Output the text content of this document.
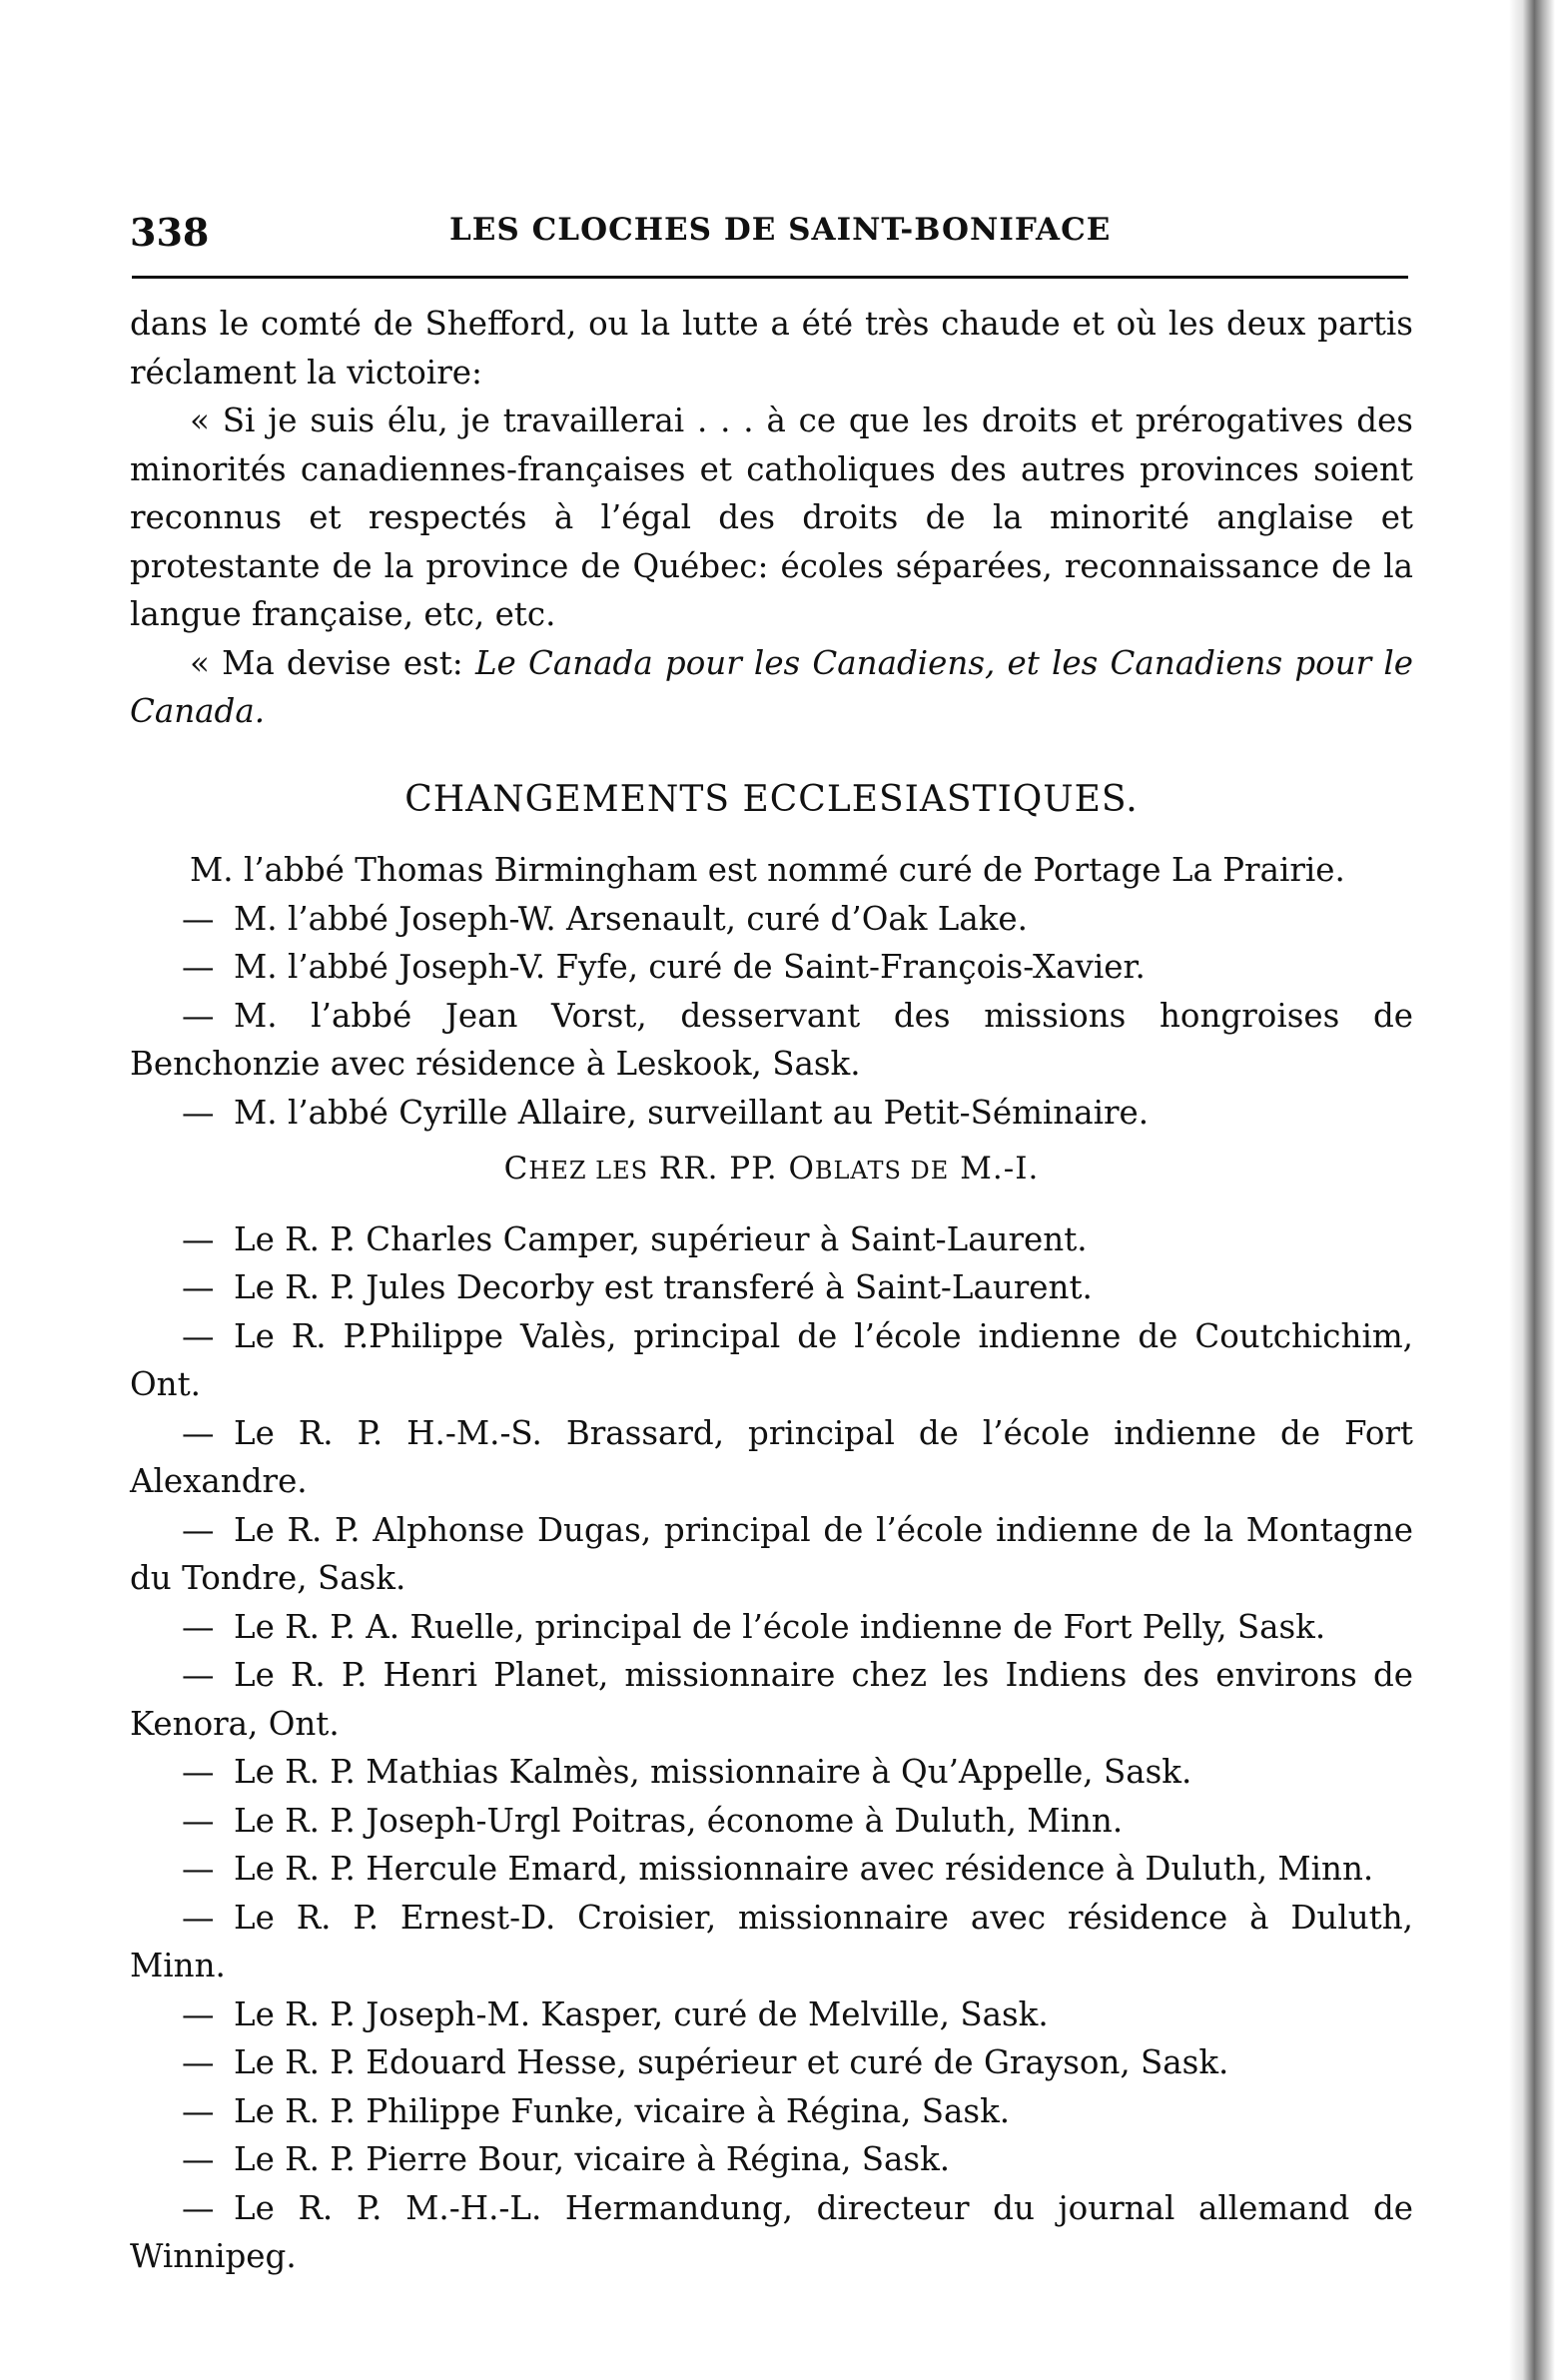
338	LES CLOCHES DE SAINT-BONIFACE

dans le comté de Shefford, ou la lutte a été très chaude et où les deux partis réclament la victoire:

« Si je suis élu, je travaillerai . . . à ce que les droits et prérogatives des minorités canadiennes-françaises et catholiques des autres provinces soient reconnus et respectés à l’égal des droits de la minorité anglaise et protestante de la province de Québec: écoles séparées, reconnaissance de la langue française, etc, etc.

« Ma devise est: Le Canada pour les Canadiens, et les Canadiens pour le Canada.

CHANGEMENTS ECCLESIASTIQUES.

M. l’abbé Thomas Birmingham est nommé curé de Portage La Prairie.

— M. l’abbé Joseph-W. Arsenault, curé d’Oak Lake.

— M. l’abbé Joseph-V. Fyfe, curé de Saint-François-Xavier.

— M. l’abbé Jean Vorst, desservant des missions hongroises de Benchonzie avec résidence à Leskook, Sask.

— M. l’abbé Cyrille Allaire, surveillant au Petit-Séminaire.

CHEZ LES RR. PP. OBLATS DE M.-I.

— Le R. P. Charles Camper, supérieur à Saint-Laurent.

— Le R. P. Jules Decorby est transferé à Saint-Laurent.

— Le R. P.Philippe Valès, principal de l’école indienne de Coutchichim, Ont.

— Le R. P. H.-M.-S. Brassard, principal de l’école indienne de Fort Alexandre.

— Le R. P. Alphonse Dugas, principal de l’école indienne de la Montagne du Tondre, Sask.

— Le R. P. A. Ruelle, principal de l’école indienne de Fort Pelly, Sask.

— Le R. P. Henri Planet, missionnaire chez les Indiens des environs de Kenora, Ont.

— Le R. P. Mathias Kalmès, missionnaire à Qu’Appelle, Sask.

— Le R. P. Joseph-Urgl Poitras, économe à Duluth, Minn.

— Le R. P. Hercule Emard, missionnaire avec résidence à Duluth, Minn.

— Le R. P. Ernest-D. Croisier, missionnaire avec résidence à Duluth, Minn.

— Le R. P. Joseph-M. Kasper, curé de Melville, Sask.

— Le R. P. Edouard Hesse, supérieur et curé de Grayson, Sask.

— Le R. P. Philippe Funke, vicaire à Régina, Sask.

— Le R. P. Pierre Bour, vicaire à Régina, Sask.

— Le R. P. M.-H.-L. Hermandung, directeur du journal allemand de Winnipeg.
